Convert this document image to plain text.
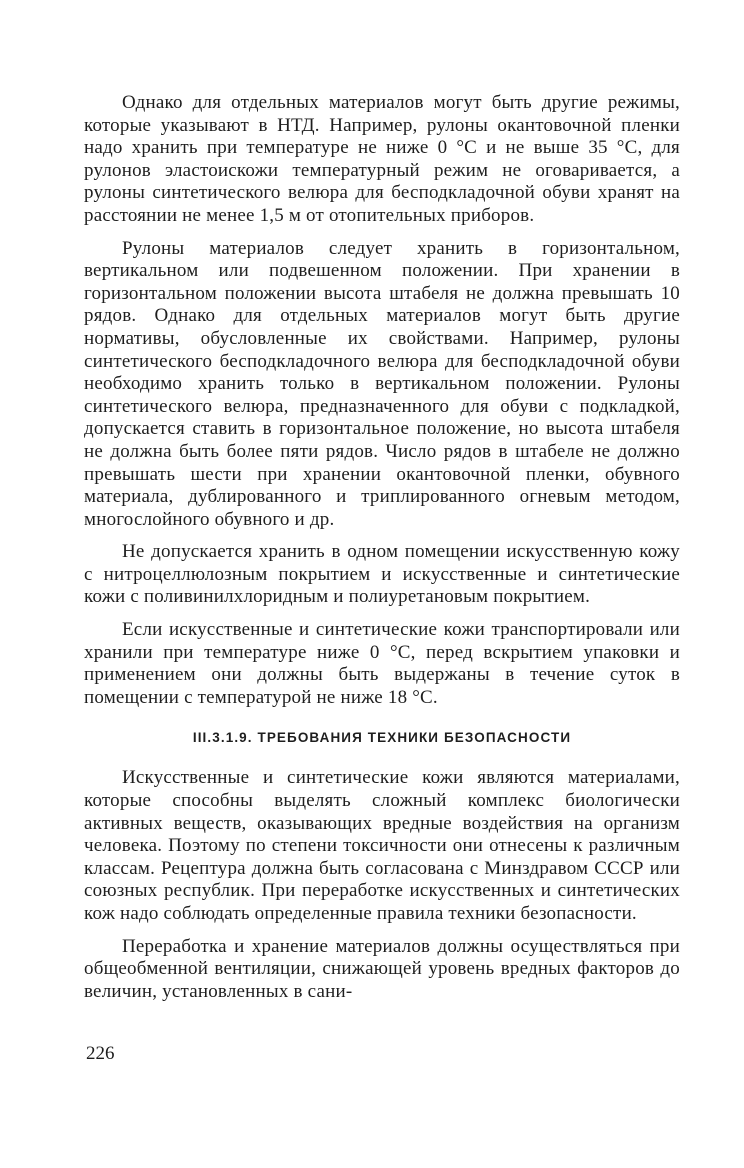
Однако для отдельных материалов могут быть другие режимы, которые указывают в НТД. Например, рулоны окантовочной пленки надо хранить при температуре не ниже 0 °С и не выше 35 °С, для рулонов эластоискожи температурный режим не оговаривается, а рулоны синтетического велюра для бесподкладочной обуви хранят на расстоянии не менее 1,5 м от отопительных приборов.

Рулоны материалов следует хранить в горизонтальном, вертикальном или подвешенном положении. При хранении в горизонтальном положении высота штабеля не должна превышать 10 рядов. Однако для отдельных материалов могут быть другие нормативы, обусловленные их свойствами. Например, рулоны синтетического бесподкладочного велюра для бесподкладочной обуви необходимо хранить только в вертикальном положении. Рулоны синтетического велюра, предназначенного для обуви с подкладкой, допускается ставить в горизонтальное положение, но высота штабеля не должна быть более пяти рядов. Число рядов в штабеле не должно превышать шести при хранении окантовочной пленки, обувного материала, дублированного и триплированного огневым методом, многослойного обувного и др.

Не допускается хранить в одном помещении искусственную кожу с нитроцеллюлозным покрытием и искусственные и синтетические кожи с поливинилхлоридным и полиуретановым покрытием.

Если искусственные и синтетические кожи транспортировали или хранили при температуре ниже 0 °С, перед вскрытием упаковки и применением они должны быть выдержаны в течение суток в помещении с температурой не ниже 18 °С.

III.3.1.9. ТРЕБОВАНИЯ ТЕХНИКИ БЕЗОПАСНОСТИ

Искусственные и синтетические кожи являются материалами, которые способны выделять сложный комплекс биологически активных веществ, оказывающих вредные воздействия на организм человека. Поэтому по степени токсичности они отнесены к различным классам. Рецептура должна быть согласована с Минздравом СССР или союзных республик. При переработке искусственных и синтетических кож надо соблюдать определенные правила техники безопасности.

Переработка и хранение материалов должны осуществляться при общеобменной вентиляции, снижающей уровень вредных факторов до величин, установленных в сани-

226
